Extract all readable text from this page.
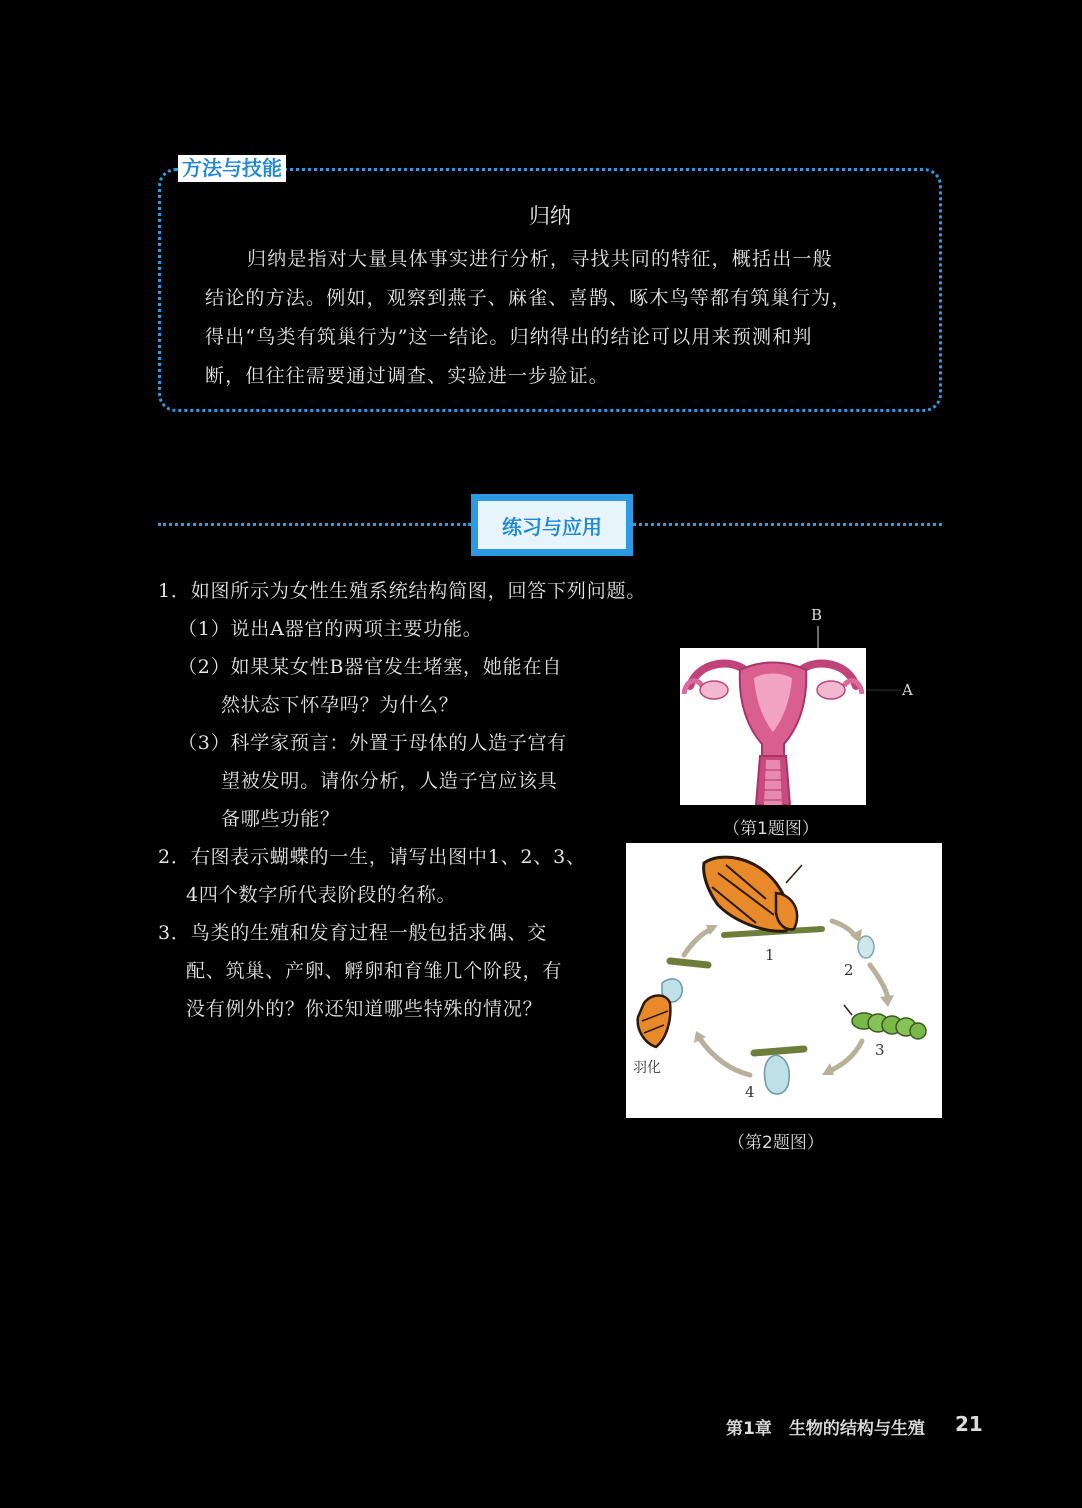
方法与技能
归纳
归纳是指对大量具体事实进行分析，寻找共同的特征，概括出一般
结论的方法。例如，观察到燕子、麻雀、喜鹊、啄木鸟等都有筑巢行为，
得出“鸟类有筑巢行为”这一结论。归纳得出的结论可以用来预测和判
断，但往往需要通过调查、实验进一步验证。
练习与应用
1．如图所示为女性生殖系统结构简图，回答下列问题。
（1）说出A器官的两项主要功能。
（2）如果某女性B器官发生堵塞，她能在自
然状态下怀孕吗？为什么？
（3）科学家预言：外置于母体的人造子宫有
望被发明。请你分析，人造子宫应该具
备哪些功能？
2．右图表示蝴蝶的一生，请写出图中1、2、3、
4四个数字所代表阶段的名称。
3．鸟类的生殖和发育过程一般包括求偶、交
配、筑巢、产卵、孵卵和育雏几个阶段，有
没有例外的？你还知道哪些特殊的情况？
B
A
（第1题图）
1
2
3
4
羽化
（第2题图）
第1章　生物的结构与生殖 21
